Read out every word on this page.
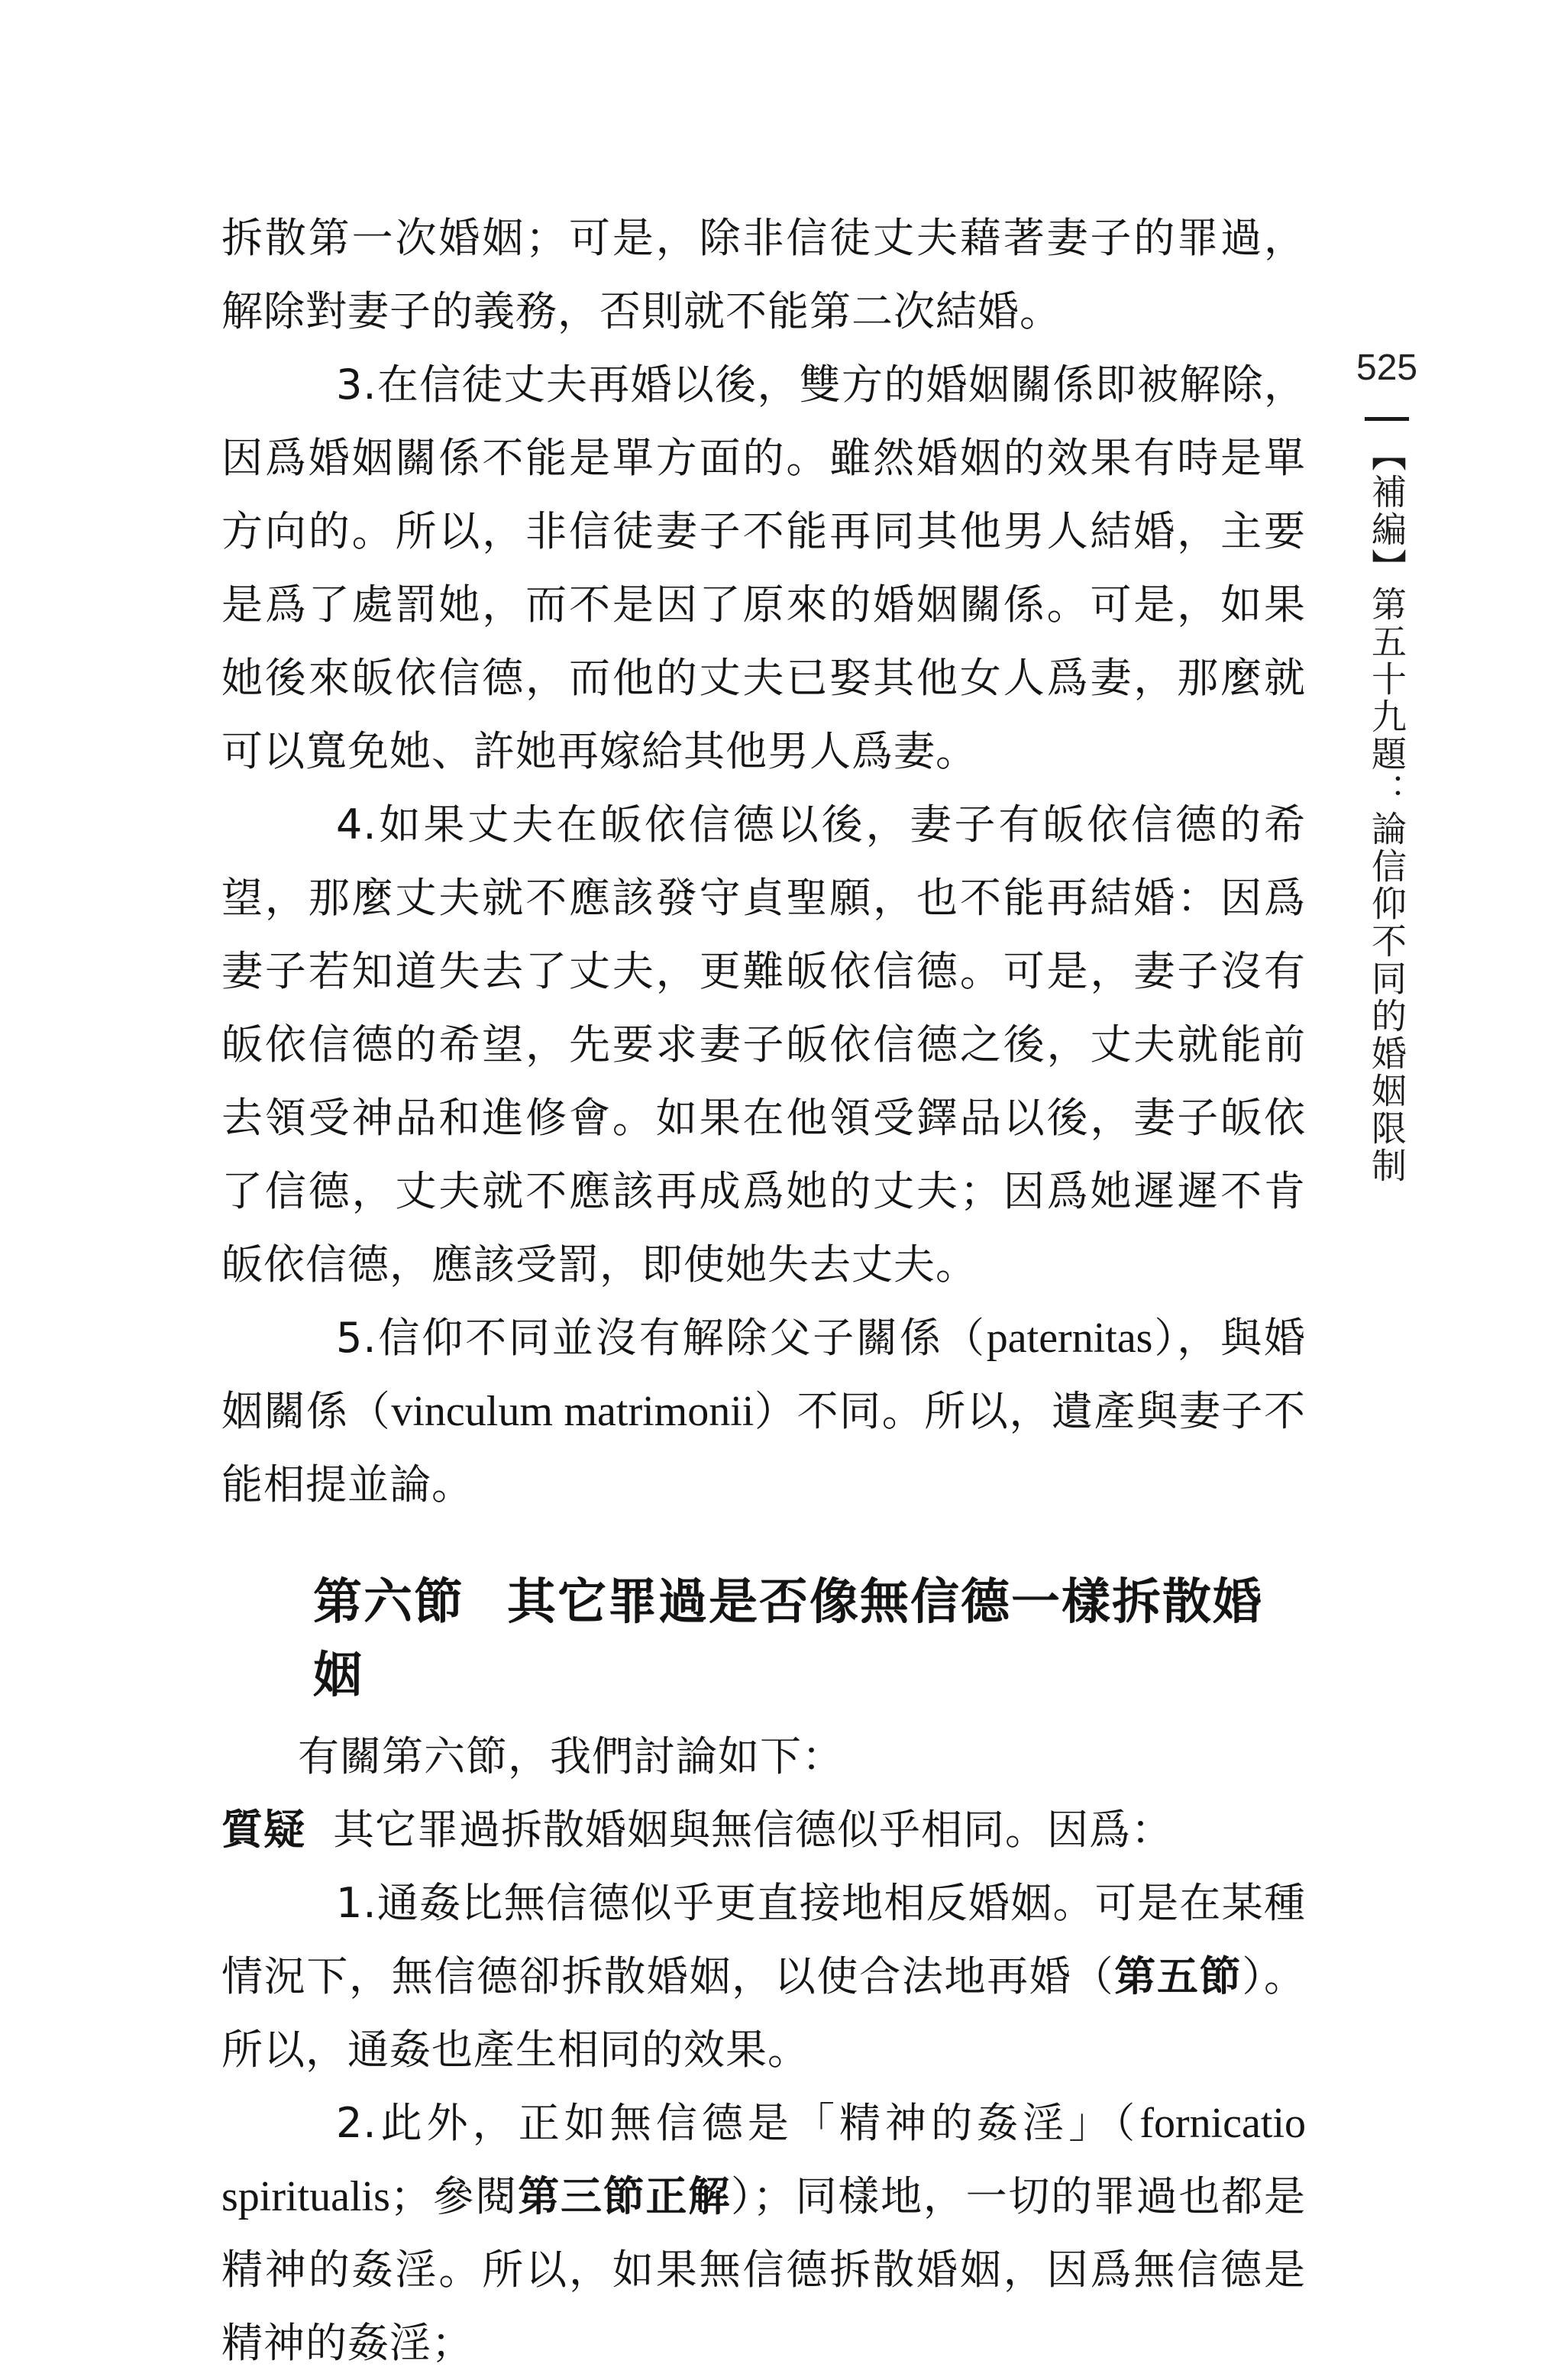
525
【補編】第五十九題：論信仰不同的婚姻限制

拆散第一次婚姻；可是，除非信徒丈夫藉著妻子的罪過，解除對妻子的義務，否則就不能第二次結婚。

3.在信徒丈夫再婚以後，雙方的婚姻關係即被解除，因爲婚姻關係不能是單方面的。雖然婚姻的效果有時是單方向的。所以，非信徒妻子不能再同其他男人結婚，主要是爲了處罰她，而不是因了原來的婚姻關係。可是，如果她後來皈依信德，而他的丈夫已娶其他女人爲妻，那麼就可以寬免她、許她再嫁給其他男人爲妻。

4.如果丈夫在皈依信德以後，妻子有皈依信德的希望，那麼丈夫就不應該發守貞聖願，也不能再結婚：因爲妻子若知道失去了丈夫，更難皈依信德。可是，妻子沒有皈依信德的希望，先要求妻子皈依信德之後，丈夫就能前去領受神品和進修會。如果在他領受鐸品以後，妻子皈依了信德，丈夫就不應該再成爲她的丈夫；因爲她遲遲不肯皈依信德，應該受罰，即使她失去丈夫。

5.信仰不同並沒有解除父子關係（paternitas），與婚姻關係（vinculum matrimonii）不同。所以，遺產與妻子不能相提並論。

第六節 其它罪過是否像無信德一樣拆散婚姻

有關第六節，我們討論如下：

質疑 其它罪過拆散婚姻與無信德似乎相同。因爲：

1.通姦比無信德似乎更直接地相反婚姻。可是在某種情況下，無信德卻拆散婚姻，以使合法地再婚（第五節）。所以，通姦也產生相同的效果。

2.此外，正如無信德是「精神的姦淫」（fornicatio spiritualis；參閱第三節正解）；同樣地，一切的罪過也都是精神的姦淫。所以，如果無信德拆散婚姻，因爲無信德是精神的姦淫；
